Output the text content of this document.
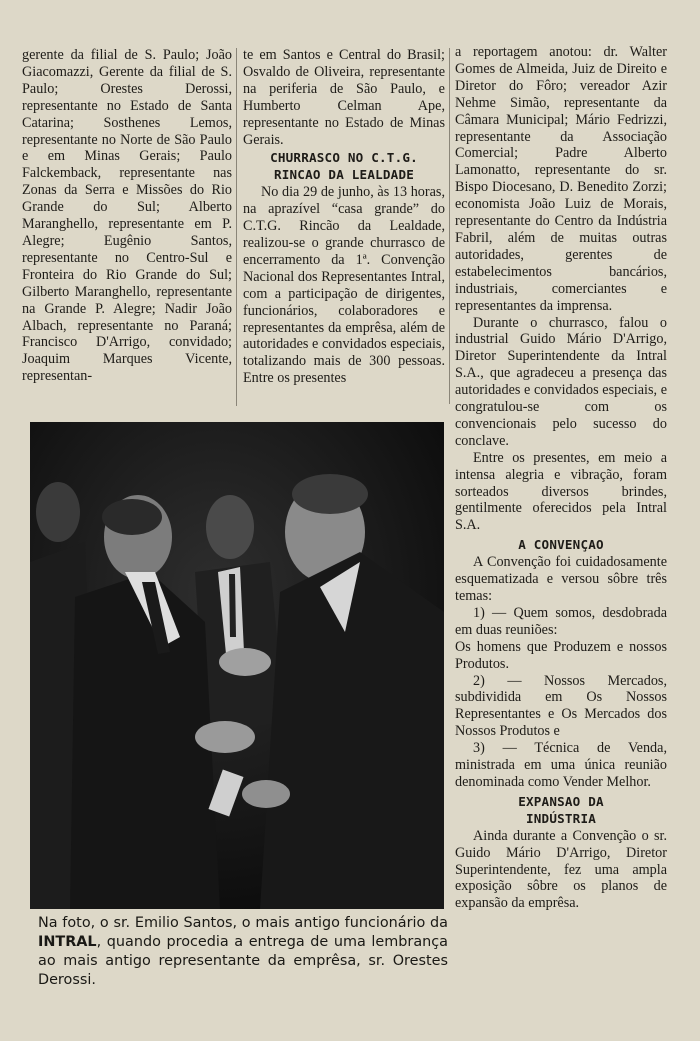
gerente da filial de S. Paulo; João Giacomazzi, Gerente da filial de S. Paulo; Orestes Derossi, representante no Estado de Santa Catarina; Sosthenes Lemos, representante no Norte de São Paulo e em Minas Gerais; Paulo Falckemback, representante nas Zonas da Serra e Missões do Rio Grande do Sul; Alberto Maranghello, representante em P. Alegre; Eugênio Santos, representante no Centro-Sul e Fronteira do Rio Grande do Sul; Gilberto Maranghello, representante na Grande P. Alegre; Nadir João Albach, representante no Paraná; Francisco D'Arrigo, convidado; Joaquim Marques Vicente, representan-

te em Santos e Central do Brasil; Osvaldo de Oliveira, representante na periferia de São Paulo, e Humberto Celman Ape, representante no Estado de Minas Gerais.

CHURRASCO NO C.T.G.
RINCAO DA LEALDADE

No dia 29 de junho, às 13 horas, na aprazível “casa grande” do C.T.G. Rincão da Lealdade, realizou-se o grande churrasco de encerramento da 1ª. Convenção Nacional dos Representantes Intral, com a participação de dirigentes, funcionários, colaboradores e representantes da emprêsa, além de autoridades e convidados especiais, totalizando mais de 300 pessoas. Entre os presentes

a reportagem anotou: dr. Walter Gomes de Almeida, Juiz de Direito e Diretor do Fôro; vereador Azir Nehme Simão, representante da Câmara Municipal; Mário Fedrizzi, representante da Associação Comercial; Padre Alberto Lamonatto, representante do sr. Bispo Diocesano, D. Benedito Zorzi; economista João Luiz de Morais, representante do Centro da Indústria Fabril, além de muitas outras autoridades, gerentes de estabelecimentos bancários, industriais, comerciantes e representantes da imprensa.

Durante o churrasco, falou o industrial Guido Mário D'Arrigo, Diretor Superintendente da Intral S.A., que agradeceu a presença das autoridades e convidados especiais, e congratulou-se com os convencionais pelo sucesso do conclave.

Entre os presentes, em meio a intensa alegria e vibração, foram sorteados diversos brindes, gentilmente oferecidos pela Intral S.A.

A CONVENÇAO

A Convenção foi cuidadosamente esquematizada e versou sôbre três temas:

1) — Quem somos, desdobrada em duas reuniões:

Os homens que Produzem e nossos Produtos.

2) — Nossos Mercados, subdividida em Os Nossos Representantes e Os Mercados dos Nossos Produtos e

3) — Técnica de Venda, ministrada em uma única reunião denominada como Vender Melhor.

EXPANSAO DA
INDÚSTRIA

Ainda durante a Convenção o sr. Guido Mário D'Arrigo, Diretor Superintendente, fez uma ampla exposição sôbre os planos de expansão da emprêsa.

Na foto, o sr. Emilio Santos, o mais antigo funcionário da INTRAL, quando procedia a entrega de uma lembrança ao mais antigo representante da emprêsa, sr. Orestes Derossi.
